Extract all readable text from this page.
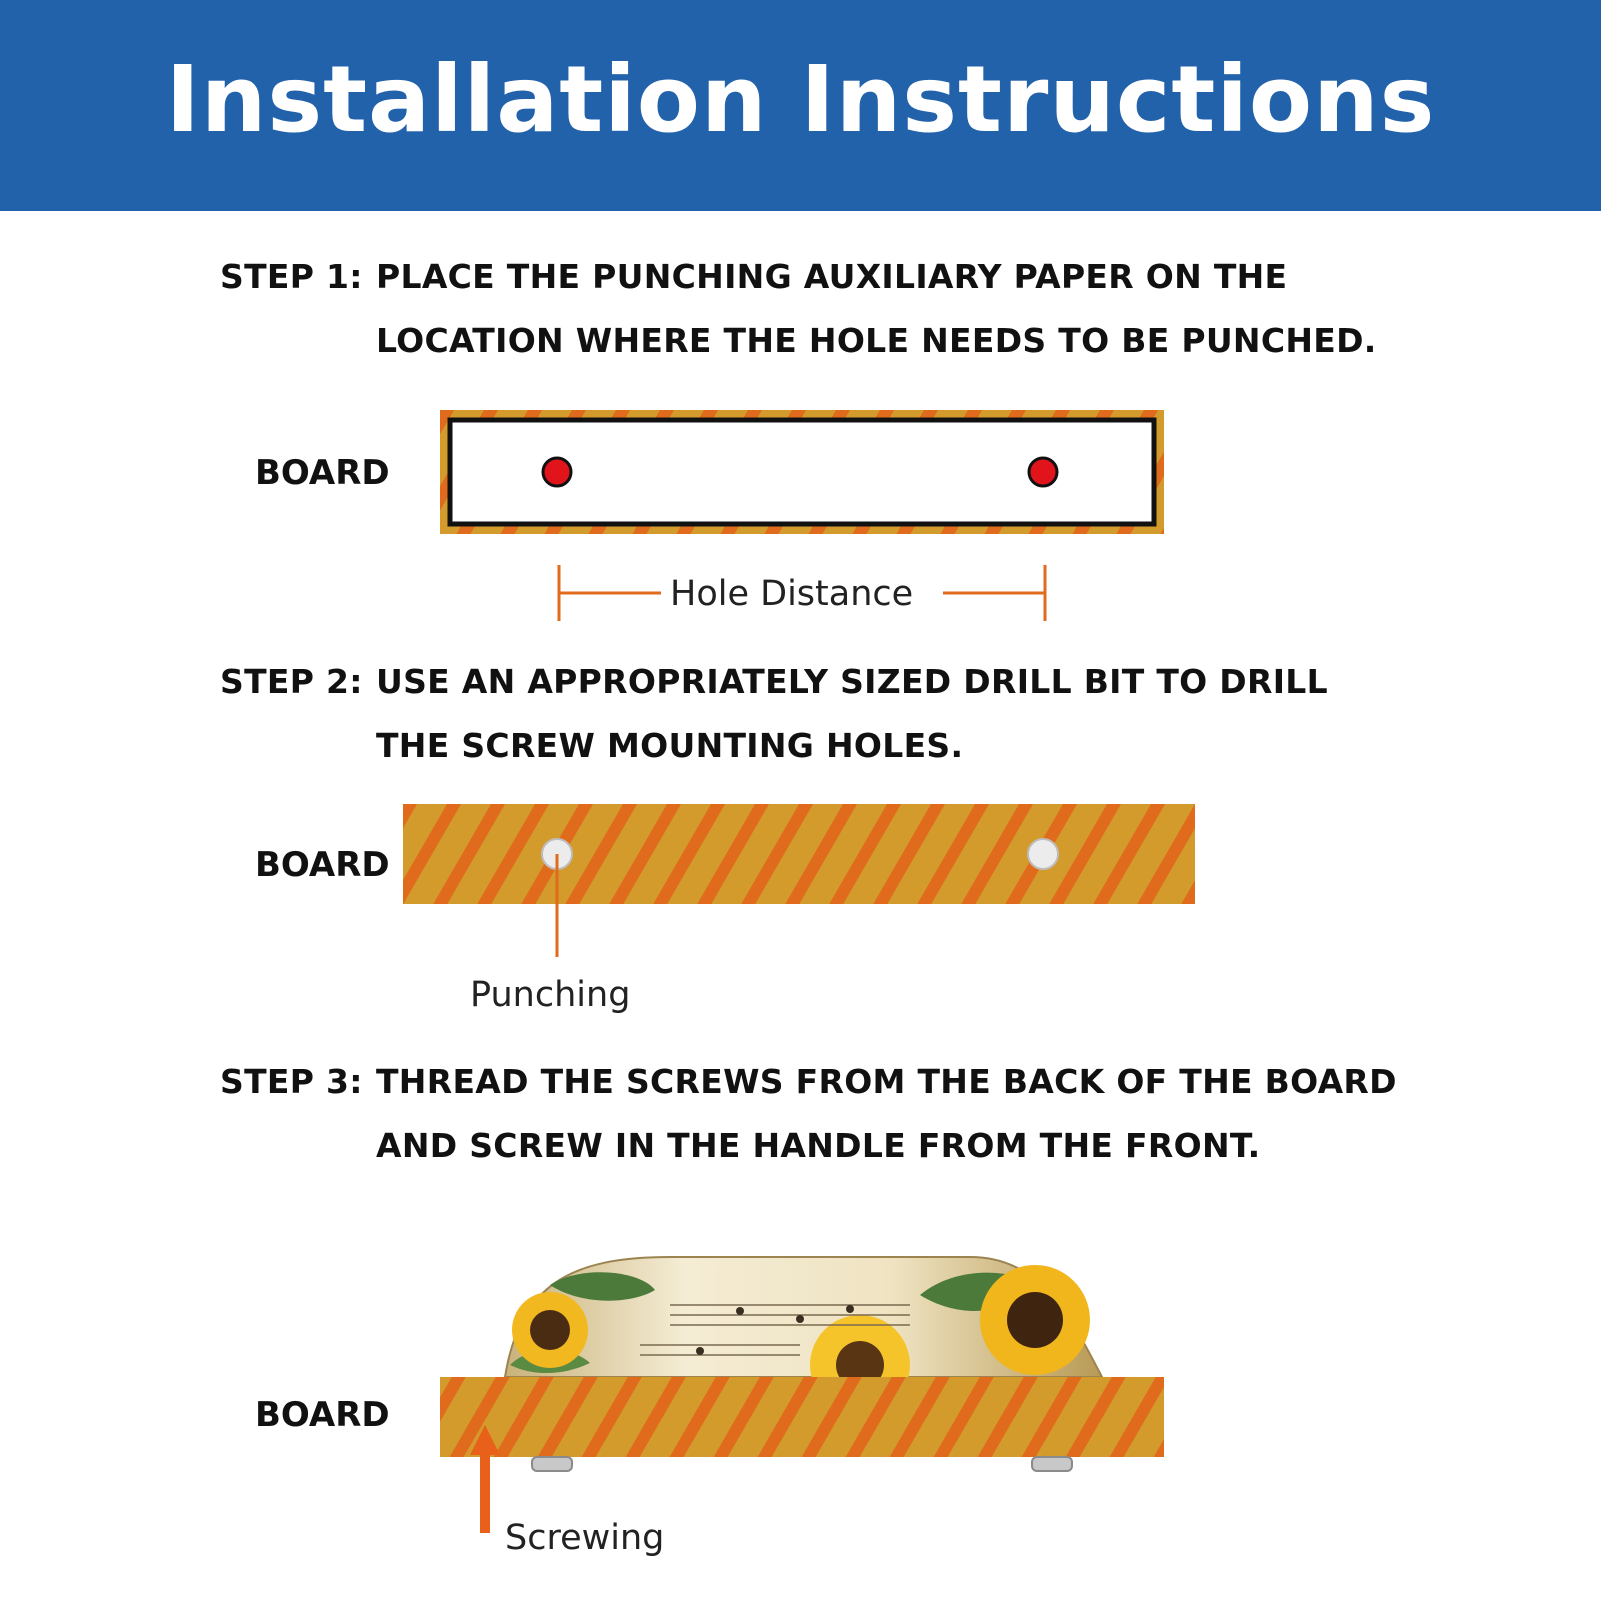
Installation Instructions
STEP 1: PLACE THE PUNCHING AUXILIARY PAPER ON THE
LOCATION WHERE THE HOLE NEEDS TO BE PUNCHED.
BOARD
Hole Distance
STEP 2: USE AN APPROPRIATELY SIZED DRILL BIT TO DRILL
THE SCREW MOUNTING HOLES.
BOARD
Punching
STEP 3: THREAD THE SCREWS FROM THE BACK OF THE BOARD
AND SCREW IN THE HANDLE FROM THE FRONT.
BOARD
Screwing
